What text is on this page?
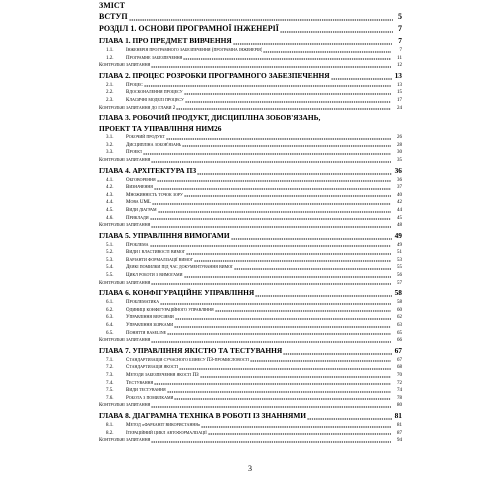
ЗМІСТ
ВСТУП	5
РОЗДІЛ 1. ОСНОВИ ПРОГРАМНОЇ ІНЖЕНЕРІЇ	7
ГЛАВА 1. ПРО ПРЕДМЕТ ВИВЧЕННЯ	7
1.1.	Інженерія програмного забезпечення (програмна інженерія)	7
1.2.	Програмне забезпечення	11
Контрольні запитання	12
ГЛАВА 2. ПРОЦЕС РОЗРОБКИ ПРОГРАМНОГО ЗАБЕЗПЕЧЕННЯ	13
2.1.	Процес	13
2.2.	Вдосконалення процесу	15
2.3.	Класичні моделі процесу	17
Контрольні запитання до глави 2	24
ГЛАВА 3. РОБОЧИЙ ПРОДУКТ, ДИСЦИПЛІНА ЗОБОВ'ЯЗАНЬ,
ПРОЕКТ ТА УПРАВЛІННЯ НИМ 26
3.1.	Робочий продукт	26
3.2.	Дисципліна зобов'язань	28
3.3.	Проект	30
Контрольні запитання	35
ГЛАВА 4. АРХІТЕКТУРА ПЗ	36
4.1.	Обговорення	36
4.2.	Визначення	37
4.3.	Множинність точок зору	40
4.4.	Мова UML	42
4.5.	Види діаграм	44
4.6.	Приклади	45
Контрольні запитання	48
ГЛАВА 5. УПРАВЛІННЯ ВИМОГАМИ	49
5.1.	Проблема	49
5.2.	Види і властивості вимог	51
5.3.	Варіанти формалізації вимог	53
5.4.	Деякі помилки під час документування вимог	55
5.5.	Цикл роботи з вимогами	56
Контрольні запитання	57
ГЛАВА 6. КОНФІГУРАЦІЙНЕ УПРАВЛІННЯ	58
6.1.	Проблематика	58
6.2.	Одиниці конфігураційного управління	60
6.3.	Управління версіями	62
6.4.	Управління збірками	63
6.5.	Поняття baseline	65
Контрольні запитання	66
ГЛАВА 7. УПРАВЛІННЯ ЯКІСТЮ ТА ТЕСТУВАННЯ	67
7.1.	Стандартизація сучасного бізнесу ПЗ-промисловості	67
7.2.	Стандартизація якості	68
7.3.	Методи забезпечення якості ПЗ	70
7.4.	Тестування	72
7.5.	Види тестування	74
7.6.	Робота з помилками	78
Контрольні запитання	80
ГЛАВА 8. ДІАГРАМНА ТЕХНІКА В РОБОТІ ІЗ ЗНАННЯМИ	81
8.1.	Метод «фарбаніт використання»	81
8.2.	Ітераційний цикл автоформалізації	87
Контрольні запитання	94
3
